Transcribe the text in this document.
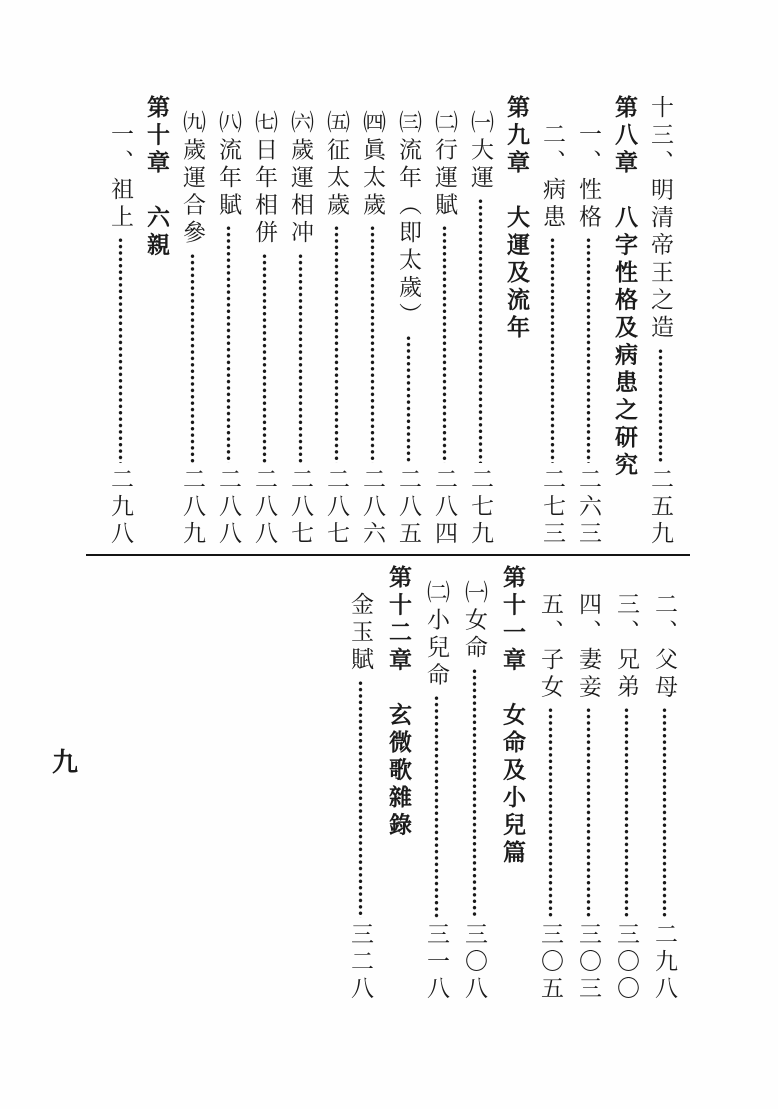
十三、明清帝王之造
二五九
第八章　八字性格及病患之研究
一、性格
二六三
二、病患
二七三
第九章　大運及流年
㈠大運
二七九
㈡行運賦
二八四
㈢流年（即太歲）
二八五
㈣眞太歲
二八六
㈤征太歲
二八七
㈥歲運相冲
二八七
㈦日年相併
二八八
㈧流年賦
二八八
㈨歲運合參
二八九
第十章　六親
一、祖上
二九八
二、父母
二九八
三、兄弟
三〇〇
四、妻妾
三〇三
五、子女
三〇五
第十一章　女命及小兒篇
㈠女命
三〇八
㈡小兒命
三一八
第十二章　玄微歌雜錄
金玉賦
三二八
九
